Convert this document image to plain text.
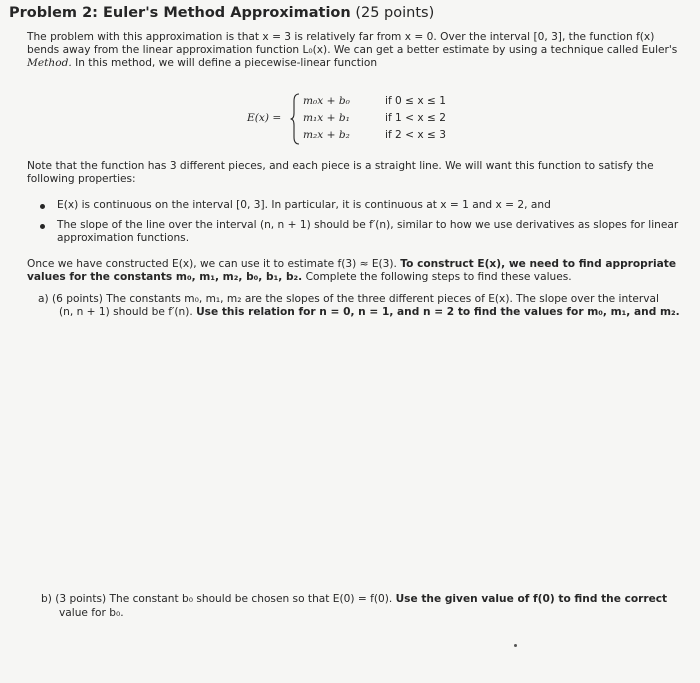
Problem 2: Euler's Method Approximation (25 points)
The problem with this approximation is that x = 3 is relatively far from x = 0. Over the interval [0, 3], the function f(x)
bends away from the linear approximation function L₀(x). We can get a better estimate by using a technique called Euler's
Method. In this method, we will define a piecewise-linear function
E(x) =
m₀x + b₀	if 0 ≤ x ≤ 1
m₁x + b₁	if 1 < x ≤ 2
m₂x + b₂	if 2 < x ≤ 3
Note that the function has 3 different pieces, and each piece is a straight line. We will want this function to satisfy the
following properties:
E(x) is continuous on the interval [0, 3]. In particular, it is continuous at x = 1 and x = 2, and
The slope of the line over the interval (n, n + 1) should be f′(n), similar to how we use derivatives as slopes for linear
approximation functions.
Once we have constructed E(x), we can use it to estimate f(3) ≈ E(3). To construct E(x), we need to find appropriate
values for the constants m₀, m₁, m₂, b₀, b₁, b₂. Complete the following steps to find these values.
a) (6 points) The constants m₀, m₁, m₂ are the slopes of the three different pieces of E(x). The slope over the interval
(n, n + 1) should be f′(n). Use this relation for n = 0, n = 1, and n = 2 to find the values for m₀, m₁, and m₂.
b) (3 points) The constant b₀ should be chosen so that E(0) = f(0). Use the given value of f(0) to find the correct
value for b₀.
